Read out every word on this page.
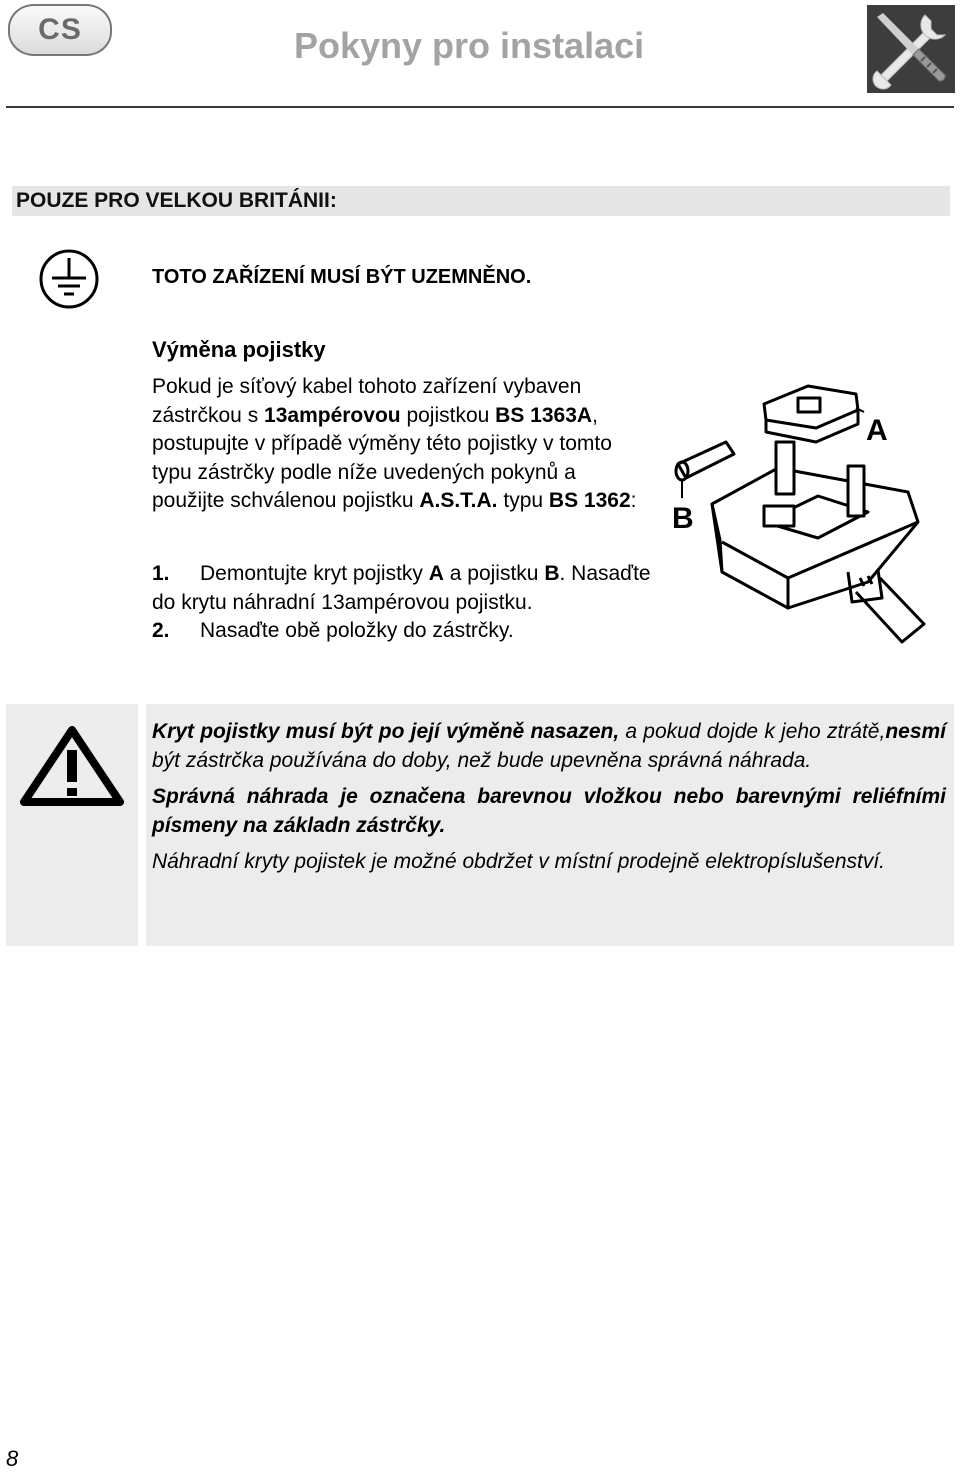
CS	Pokyny pro instalaci
POUZE PRO VELKOU BRITÁNII:
TOTO ZAŘÍZENÍ MUSÍ BÝT UZEMNĚNO.
Výměna pojistky

Pokud je síťový kabel tohoto zařízení vybaven zástrčkou s 13ampérovou pojistkou BS 1363A, postupujte v případě výměny této pojistky v tomto typu zástrčky podle níže uvedených pokynů a použijte schválenou pojistku A.S.T.A. typu BS 1362:

1. Demontujte kryt pojistky A a pojistku B. Nasaďte do krytu náhradní 13ampérovou pojistku.
2. Nasaďte obě položky do zástrčky.
A
B

Kryt pojistky musí být po její výměně nasazen, a pokud dojde k jeho ztrátě,nesmí být zástrčka používána do doby, než bude upevněna správná náhrada.

Správná náhrada je označena barevnou vložkou nebo barevnými reliéfními písmeny na základn zástrčky.

Náhradní kryty pojistek je možné obdržet v místní prodejně elektropíslušenství.

8
